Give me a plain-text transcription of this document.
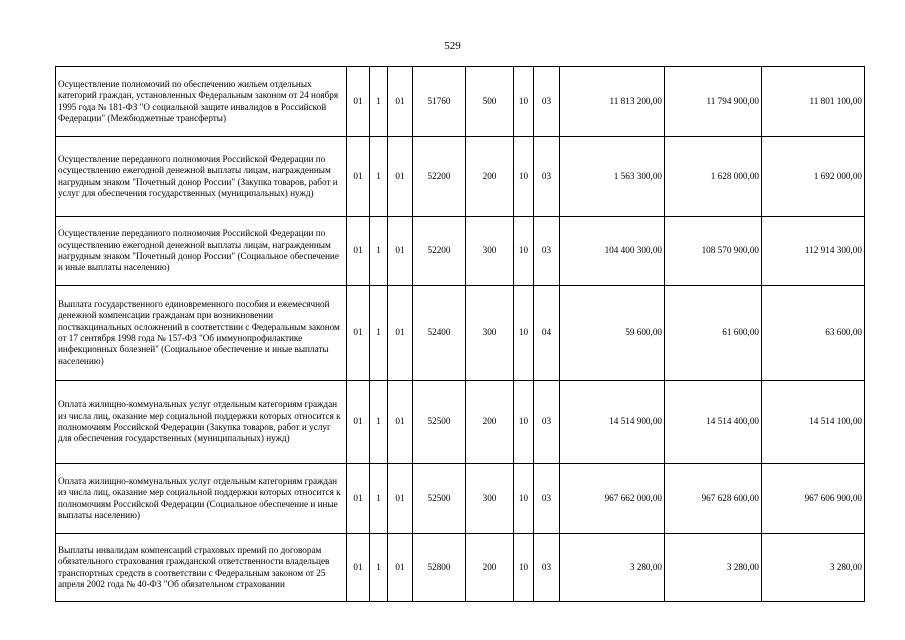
529
Осуществление полномочий по обеспечению жильем отдельных категорий граждан, установленных Федеральным законом от 24 ноября 1995 года № 181-ФЗ "О социальной защите инвалидов в Российской Федерации" (Межбюджетные трансферты)	01	1	01	51760	500	10	03	11 813 200,00	11 794 900,00	11 801 100,00
Осуществление переданного полномочия Российской Федерации по осуществлению ежегодной денежной выплаты лицам, награжденным нагрудным знаком "Почетный донор России" (Закупка товаров, работ и услуг для обеспечения государственных (муниципальных) нужд)	01	1	01	52200	200	10	03	1 563 300,00	1 628 000,00	1 692 000,00
Осуществление переданного полномочия Российской Федерации по осуществлению ежегодной денежной выплаты лицам, награжденным нагрудным знаком "Почетный донор России" (Социальное обеспечение и иные выплаты населению)	01	1	01	52200	300	10	03	104 400 300,00	108 570 900,00	112 914 300,00
Выплата государственного единовременного пособия и ежемесячной денежной компенсации гражданам при возникновении поствакцинальных осложнений в соответствии с Федеральным законом от 17 сентября 1998 года № 157-ФЗ "Об иммунопрофилактике инфекционных болезней" (Социальное обеспечение и иные выплаты населению)	01	1	01	52400	300	10	04	59 600,00	61 600,00	63 600,00
Оплата жилищно-коммунальных услуг отдельным категориям граждан из числа лиц, оказание мер социальной поддержки которых относится к полномочиям Российской Федерации (Закупка товаров, работ и услуг для обеспечения государственных (муниципальных) нужд)	01	1	01	52500	200	10	03	14 514 900,00	14 514 400,00	14 514 100,00
Оплата жилищно-коммунальных услуг отдельным категориям граждан из числа лиц, оказание мер социальной поддержки которых относится к полномочиям Российской Федерации (Социальное обеспечение и иные выплаты населению)	01	1	01	52500	300	10	03	967 662 000,00	967 628 600,00	967 606 900,00
Выплаты инвалидам компенсаций страховых премий по договорам обязательного страхования гражданской ответственности владельцев транспортных средств в соответствии с Федеральным законом от 25 апреля 2002 года № 40-ФЗ "Об обязательном страховании	01	1	01	52800	200	10	03	3 280,00	3 280,00	3 280,00
